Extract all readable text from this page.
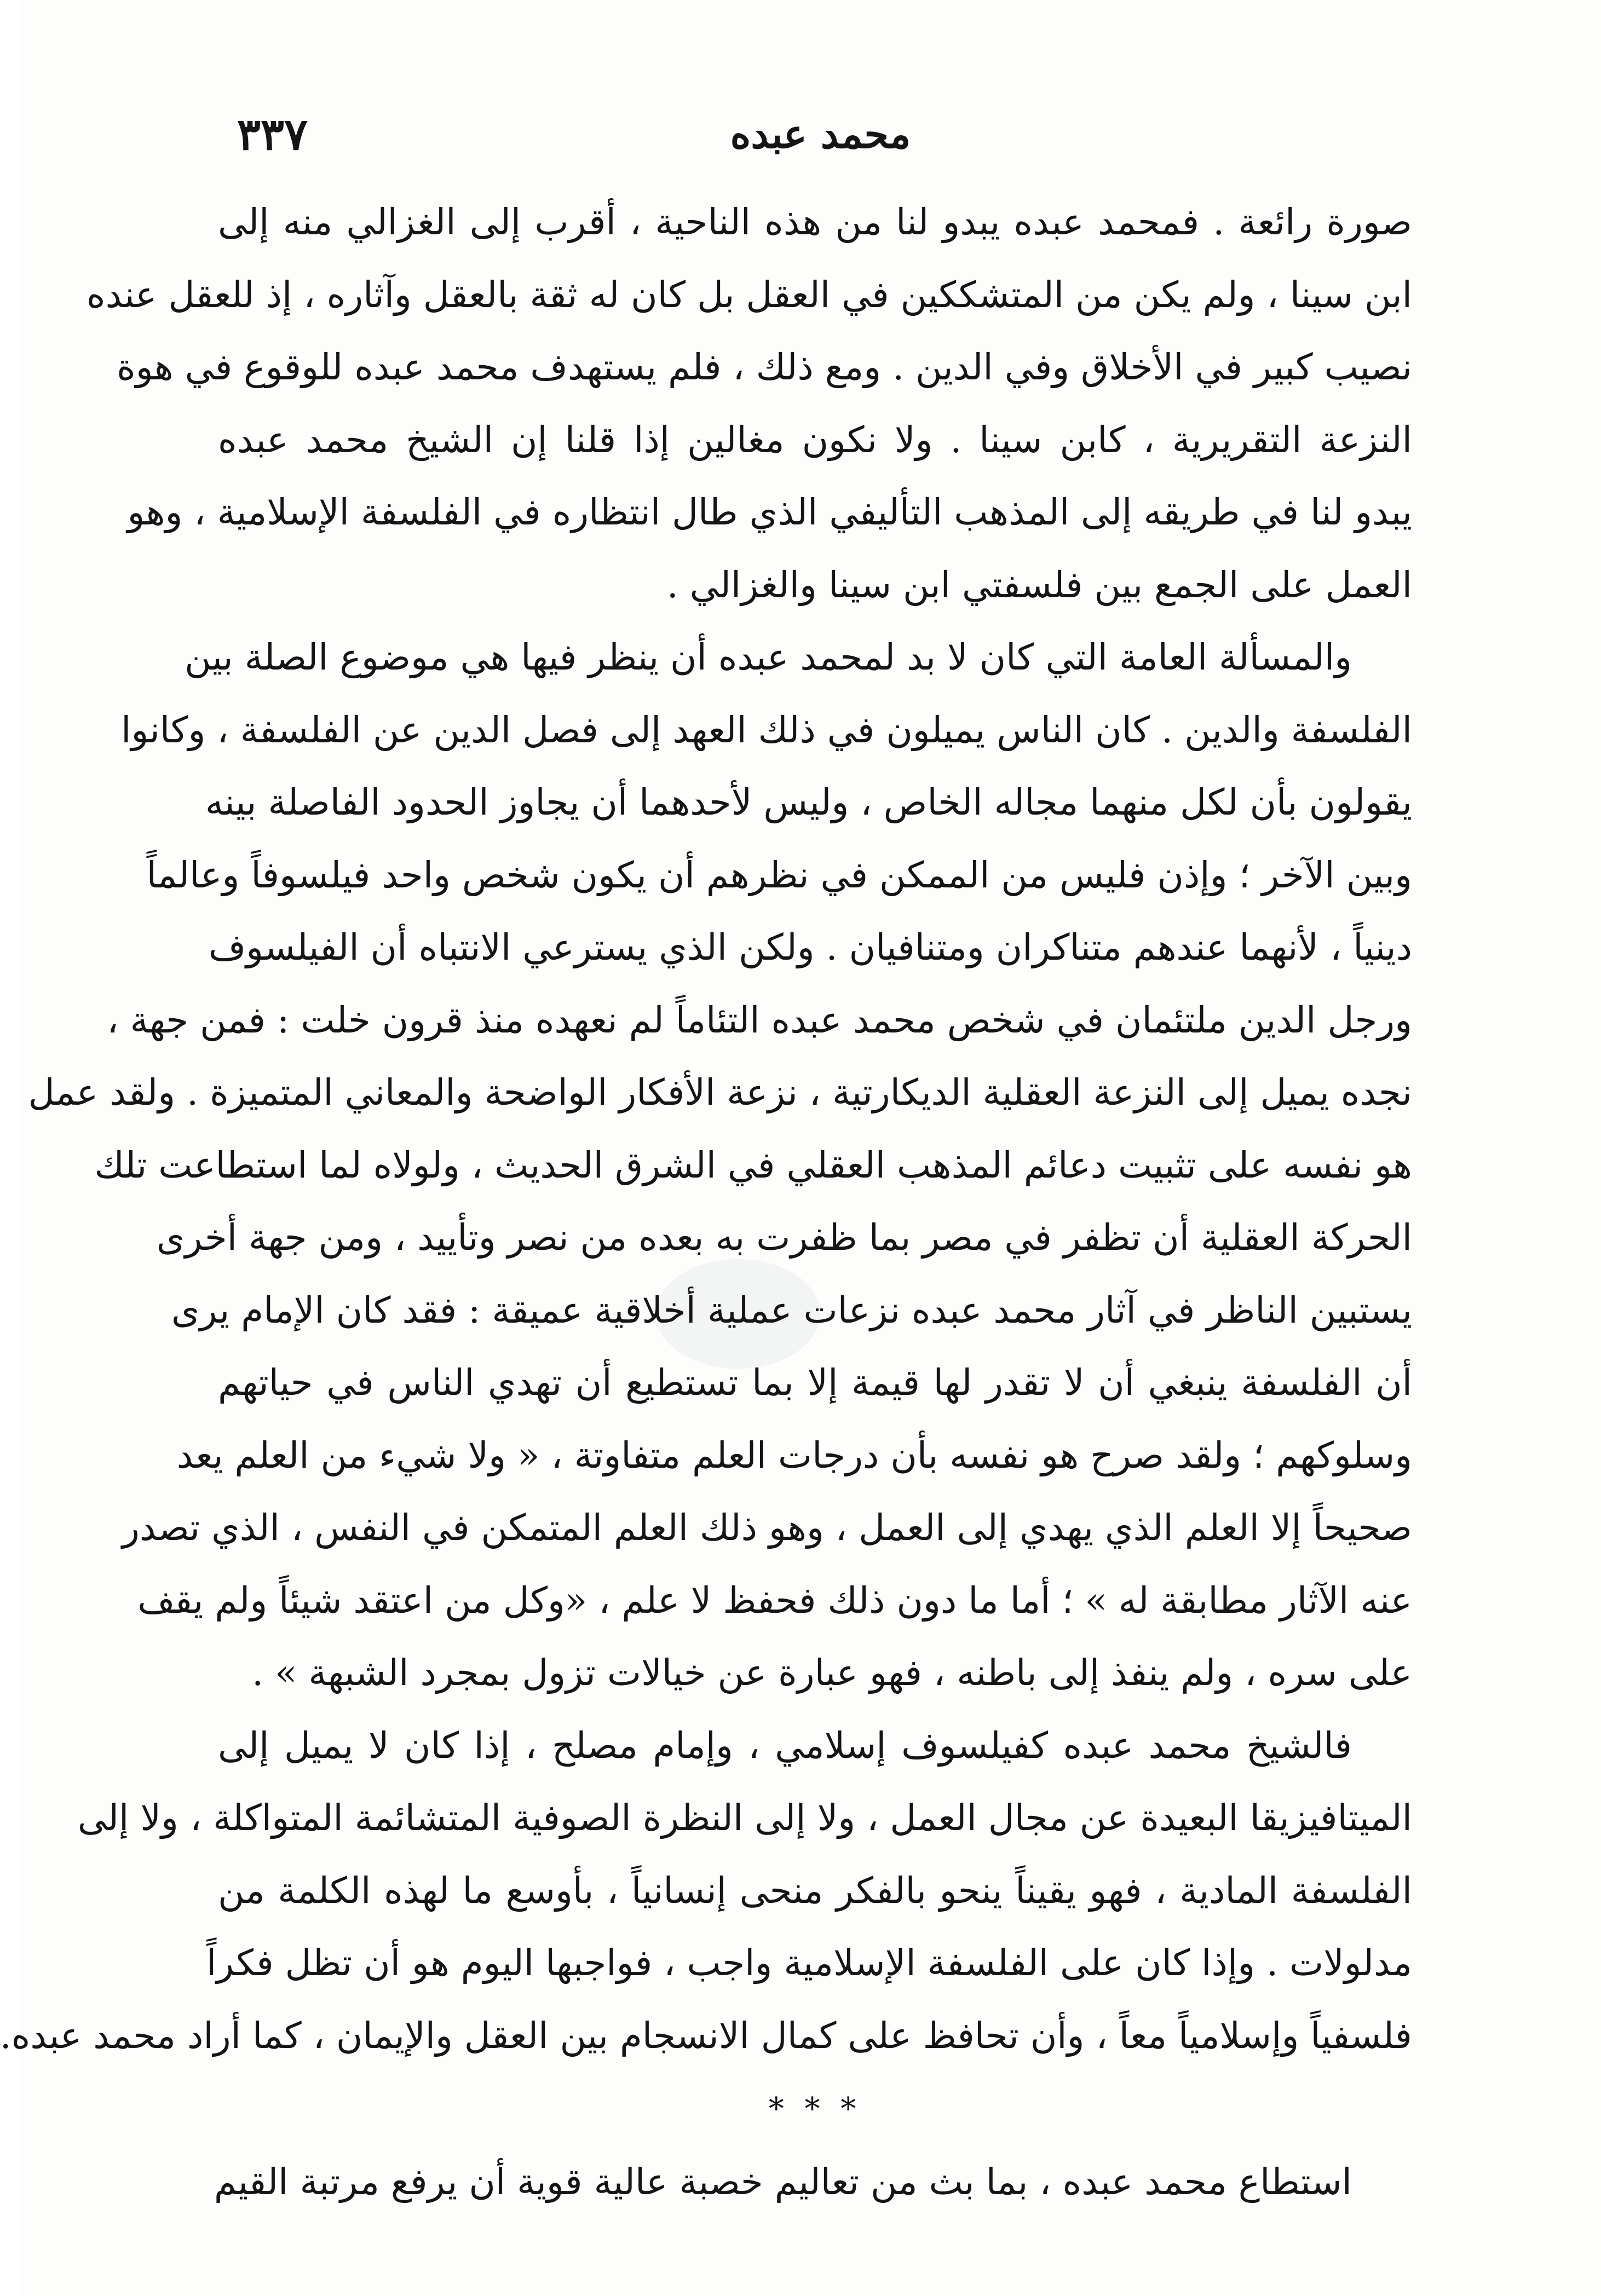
محمد عبده
٣٣٧
صورة رائعة . فمحمد عبده يبدو لنا من هذه الناحية ، أقرب إلى الغزالي منه إلى
ابن سينا ، ولم يكن من المتشككين في العقل بل كان له ثقة بالعقل وآثاره ، إذ للعقل عنده
نصيب كبير في الأخلاق وفي الدين . ومع ذلك ، فلم يستهدف محمد عبده للوقوع في هوة
النزعة التقريرية ، كابن سينا . ولا نكون مغالين إذا قلنا إن الشيخ محمد عبده
يبدو لنا في طريقه إلى المذهب التأليفي الذي طال انتظاره في الفلسفة الإسلامية ، وهو
العمل على الجمع بين فلسفتي ابن سينا والغزالي .
والمسألة العامة التي كان لا بد لمحمد عبده أن ينظر فيها هي موضوع الصلة بين
الفلسفة والدين . كان الناس يميلون في ذلك العهد إلى فصل الدين عن الفلسفة ، وكانوا
يقولون بأن لكل منهما مجاله الخاص ، وليس لأحدهما أن يجاوز الحدود الفاصلة بينه
وبين الآخر ؛ وإذن فليس من الممكن في نظرهم أن يكون شخص واحد فيلسوفاً وعالماً
دينياً ، لأنهما عندهم متناكران ومتنافيان . ولكن الذي يسترعي الانتباه أن الفيلسوف
ورجل الدين ملتئمان في شخص محمد عبده التئاماً لم نعهده منذ قرون خلت : فمن جهة ،
نجده يميل إلى النزعة العقلية الديكارتية ، نزعة الأفكار الواضحة والمعاني المتميزة . ولقد عمل
هو نفسه على تثبيت دعائم المذهب العقلي في الشرق الحديث ، ولولاه لما استطاعت تلك
الحركة العقلية أن تظفر في مصر بما ظفرت به بعده من نصر وتأييد ، ومن جهة أخرى
يستبين الناظر في آثار محمد عبده نزعات عملية أخلاقية عميقة : فقد كان الإمام يرى
أن الفلسفة ينبغي أن لا تقدر لها قيمة إلا بما تستطيع أن تهدي الناس في حياتهم
وسلوكهم ؛ ولقد صرح هو نفسه بأن درجات العلم متفاوتة ، « ولا شيء من العلم يعد
صحيحاً إلا العلم الذي يهدي إلى العمل ، وهو ذلك العلم المتمكن في النفس ، الذي تصدر
عنه الآثار مطابقة له » ؛ أما ما دون ذلك فحفظ لا علم ، «وكل من اعتقد شيئاً ولم يقف
على سره ، ولم ينفذ إلى باطنه ، فهو عبارة عن خيالات تزول بمجرد الشبهة » .
فالشيخ محمد عبده كفيلسوف إسلامي ، وإمام مصلح ، إذا كان لا يميل إلى
الميتافيزيقا البعيدة عن مجال العمل ، ولا إلى النظرة الصوفية المتشائمة المتواكلة ، ولا إلى
الفلسفة المادية ، فهو يقيناً ينحو بالفكر منحى إنسانياً ، بأوسع ما لهذه الكلمة من
مدلولات . وإذا كان على الفلسفة الإسلامية واجب ، فواجبها اليوم هو أن تظل فكراً
فلسفياً وإسلامياً معاً ، وأن تحافظ على كمال الانسجام بين العقل والإيمان ، كما أراد محمد عبده.
* * *
استطاع محمد عبده ، بما بث من تعاليم خصبة عالية قوية أن يرفع مرتبة القيم
